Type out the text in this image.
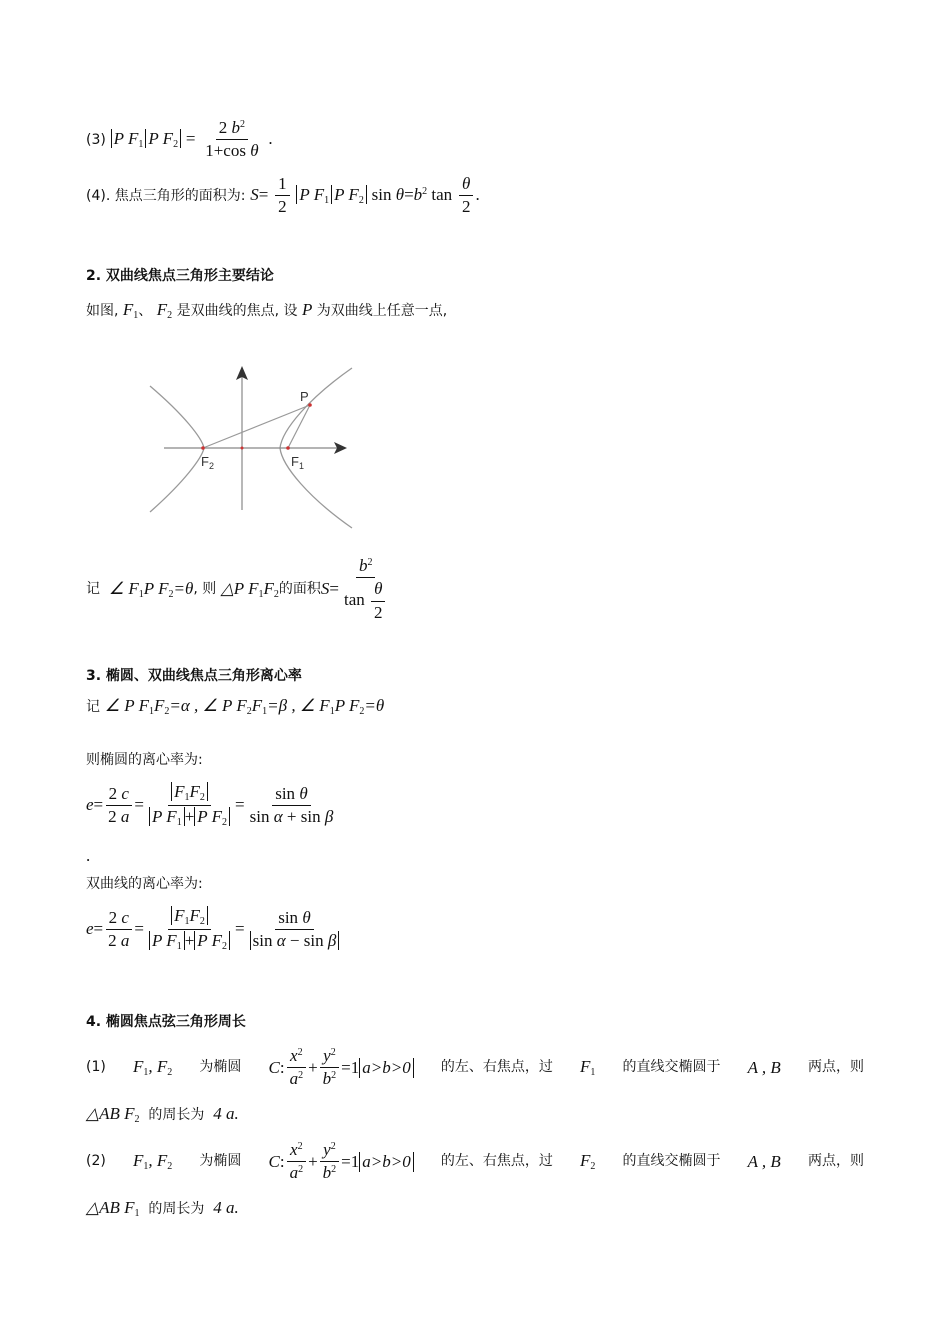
(3) P $F_1$ P $F_2 = \frac{2 b^2}{\text{1+cos θ}}$ .
(4). 焦点三角形的面积为: $S= \frac{1}{2}$ P $F_1$ P $F_2$ $\sin \theta=b^2$ $\tan \frac{\theta}{2}$ .
2. 双曲线焦点三角形主要结论
如图, $F_1$、 $F_2$ 是双曲线的焦点, 设 P 为双曲线上任意一点,
P
$F_2$	$F_1$
记
∠ $F_1P$ $F_2=\theta$ , 则
△P $F_1F_2$ 的面积 $S = \frac{b^2}{\tan \frac{\theta}{2}}$
3. 椭圆、双曲线焦点三角形离心率
记 ∠ P $F_1F_2=\alpha$ , ∠ P $F_2F_1=\beta$ , ∠ $F_1P$ $F_2=\theta$
则椭圆的离心率为:
$e = \frac{2 c}{2 a} = \frac{F_1F_2}{P F_1 + P F_2} = \frac{\text{sin θ}}{\text{sin α + sin β}}$
.
双曲线的离心率为:
$e = \frac{2 c}{2 a} = \frac{F_1F_2}{P F_1 + P F_2} = \frac{\text{sin θ}}{\text{sin α − sin β}}$
4. 椭圆焦点弦三角形周长
(1) $F_1$, $F_2$ 为椭圆 C : $\frac{x^2}{a^2} + \frac{y^2}{b^2} =1$ a>b>0 的左、右焦点，过 $F_1$ 的直线交椭圆于 A , B 两点，则
△AB $F_2$ 的周长为 4 a.
(2) $F_1$, $F_2$ 为椭圆 C : $\frac{x^2}{a^2} + \frac{y^2}{b^2} =1$ a>b>0 的左、右焦点，过 $F_2$ 的直线交椭圆于 A , B 两点，则
△AB $F_1$ 的周长为 4 a.
